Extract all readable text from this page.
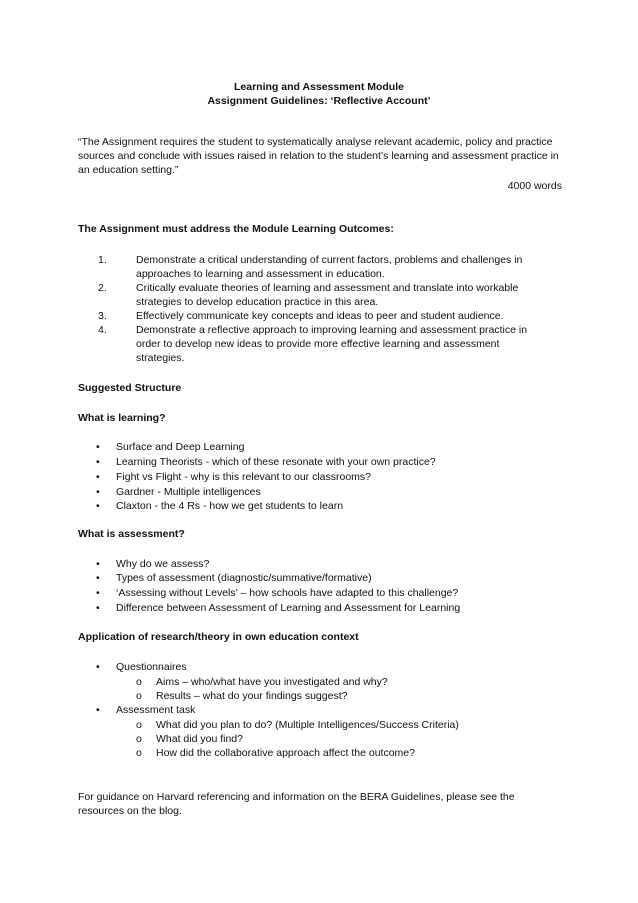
Learning and Assessment Module
Assignment Guidelines: ‘Reflective Account’
“The Assignment requires the student to systematically analyse relevant academic, policy and practice sources and conclude with issues raised in relation to the student’s learning and assessment practice in an education setting.”
4000 words
The Assignment must address the Module Learning Outcomes:
1.	Demonstrate a critical understanding of current factors, problems and challenges in approaches to learning and assessment in education.
2.	Critically evaluate theories of learning and assessment and translate into workable strategies to develop education practice in this area.
3.	Effectively communicate key concepts and ideas to peer and student audience.
4.	Demonstrate a reflective approach to improving learning and assessment practice in order to develop new ideas to provide more effective learning and assessment strategies.
Suggested Structure
What is learning?
•	Surface and Deep Learning
•	Learning Theorists - which of these resonate with your own practice?
•	Fight vs Flight - why is this relevant to our classrooms?
•	Gardner - Multiple intelligences
•	Claxton - the 4 Rs - how we get students to learn
What is assessment?
•	Why do we assess?
•	Types of assessment (diagnostic/summative/formative)
•	‘Assessing without Levels’ – how schools have adapted to this challenge?
•	Difference between Assessment of Learning and Assessment for Learning
Application of research/theory in own education context
•	Questionnaires
o Aims – who/what have you investigated and why?
o Results – what do your findings suggest?
•	Assessment task
o What did you plan to do? (Multiple Intelligences/Success Criteria)
o What did you find?
o How did the collaborative approach affect the outcome?
For guidance on Harvard referencing and information on the BERA Guidelines, please see the resources on the blog.
